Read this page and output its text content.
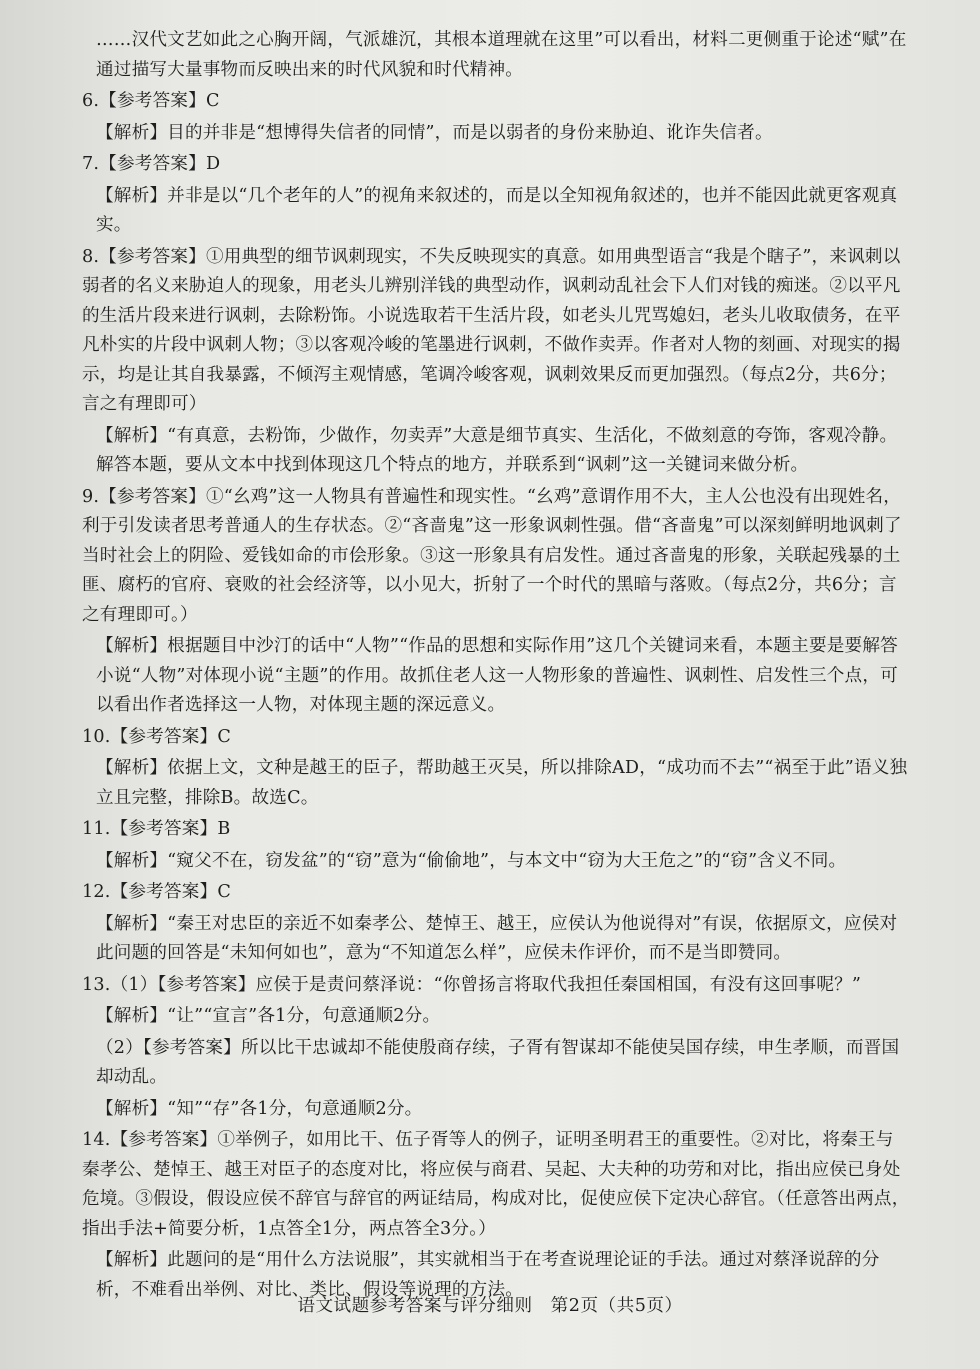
……汉代文艺如此之心胸开阔，气派雄沉，其根本道理就在这里”可以看出，材料二更侧重于论述“赋”在通过描写大量事物而反映出来的时代风貌和时代精神。

6.【参考答案】C

【解析】目的并非是“想博得失信者的同情”，而是以弱者的身份来胁迫、讹诈失信者。

7.【参考答案】D

【解析】并非是以“几个老年的人”的视角来叙述的，而是以全知视角叙述的，也并不能因此就更客观真实。

8.【参考答案】①用典型的细节讽刺现实，不失反映现实的真意。如用典型语言“我是个瞎子”，来讽刺以弱者的名义来胁迫人的现象，用老头儿辨别洋钱的典型动作，讽刺动乱社会下人们对钱的痴迷。②以平凡的生活片段来进行讽刺，去除粉饰。小说选取若干生活片段，如老头儿咒骂媳妇，老头儿收取债务，在平凡朴实的片段中讽刺人物；③以客观冷峻的笔墨进行讽刺，不做作卖弄。作者对人物的刻画、对现实的揭示，均是让其自我暴露，不倾泻主观情感，笔调冷峻客观，讽刺效果反而更加强烈。（每点2分，共6分；言之有理即可）

【解析】“有真意，去粉饰，少做作，勿卖弄”大意是细节真实、生活化，不做刻意的夸饰，客观冷静。解答本题，要从文本中找到体现这几个特点的地方，并联系到“讽刺”这一关键词来做分析。

9.【参考答案】①“幺鸡”这一人物具有普遍性和现实性。“幺鸡”意谓作用不大，主人公也没有出现姓名，利于引发读者思考普通人的生存状态。②“吝啬鬼”这一形象讽刺性强。借“吝啬鬼”可以深刻鲜明地讽刺了当时社会上的阴险、爱钱如命的市侩形象。③这一形象具有启发性。通过吝啬鬼的形象，关联起残暴的土匪、腐朽的官府、衰败的社会经济等，以小见大，折射了一个时代的黑暗与落败。（每点2分，共6分；言之有理即可。）

【解析】根据题目中沙汀的话中“人物”“作品的思想和实际作用”这几个关键词来看，本题主要是要解答小说“人物”对体现小说“主题”的作用。故抓住老人这一人物形象的普遍性、讽刺性、启发性三个点，可以看出作者选择这一人物，对体现主题的深远意义。

10.【参考答案】C

【解析】依据上文，文种是越王的臣子，帮助越王灭吴，所以排除AD，“成功而不去”“祸至于此”语义独立且完整，排除B。故选C。

11.【参考答案】B

【解析】“窥父不在，窃发盆”的“窃”意为“偷偷地”，与本文中“窃为大王危之”的“窃”含义不同。

12.【参考答案】C

【解析】“秦王对忠臣的亲近不如秦孝公、楚悼王、越王，应侯认为他说得对”有误，依据原文，应侯对此问题的回答是“未知何如也”，意为“不知道怎么样”，应侯未作评价，而不是当即赞同。

13.（1）【参考答案】应侯于是责问蔡泽说：“你曾扬言将取代我担任秦国相国，有没有这回事呢？”

【解析】“让”“宣言”各1分，句意通顺2分。

（2）【参考答案】所以比干忠诚却不能使殷商存续，子胥有智谋却不能使吴国存续，申生孝顺，而晋国却动乱。

【解析】“知”“存”各1分，句意通顺2分。

14.【参考答案】①举例子，如用比干、伍子胥等人的例子，证明圣明君王的重要性。②对比，将秦王与秦孝公、楚悼王、越王对臣子的态度对比，将应侯与商君、吴起、大夫种的功劳和对比，指出应侯已身处危境。③假设，假设应侯不辞官与辞官的两证结局，构成对比，促使应侯下定决心辞官。（任意答出两点，指出手法+简要分析，1点答全1分，两点答全3分。）

【解析】此题问的是“用什么方法说服”，其实就相当于在考查说理论证的手法。通过对蔡泽说辞的分析，不难看出举例、对比、类比、假设等说理的方法。

语文试题参考答案与评分细则　第2页（共5页）
